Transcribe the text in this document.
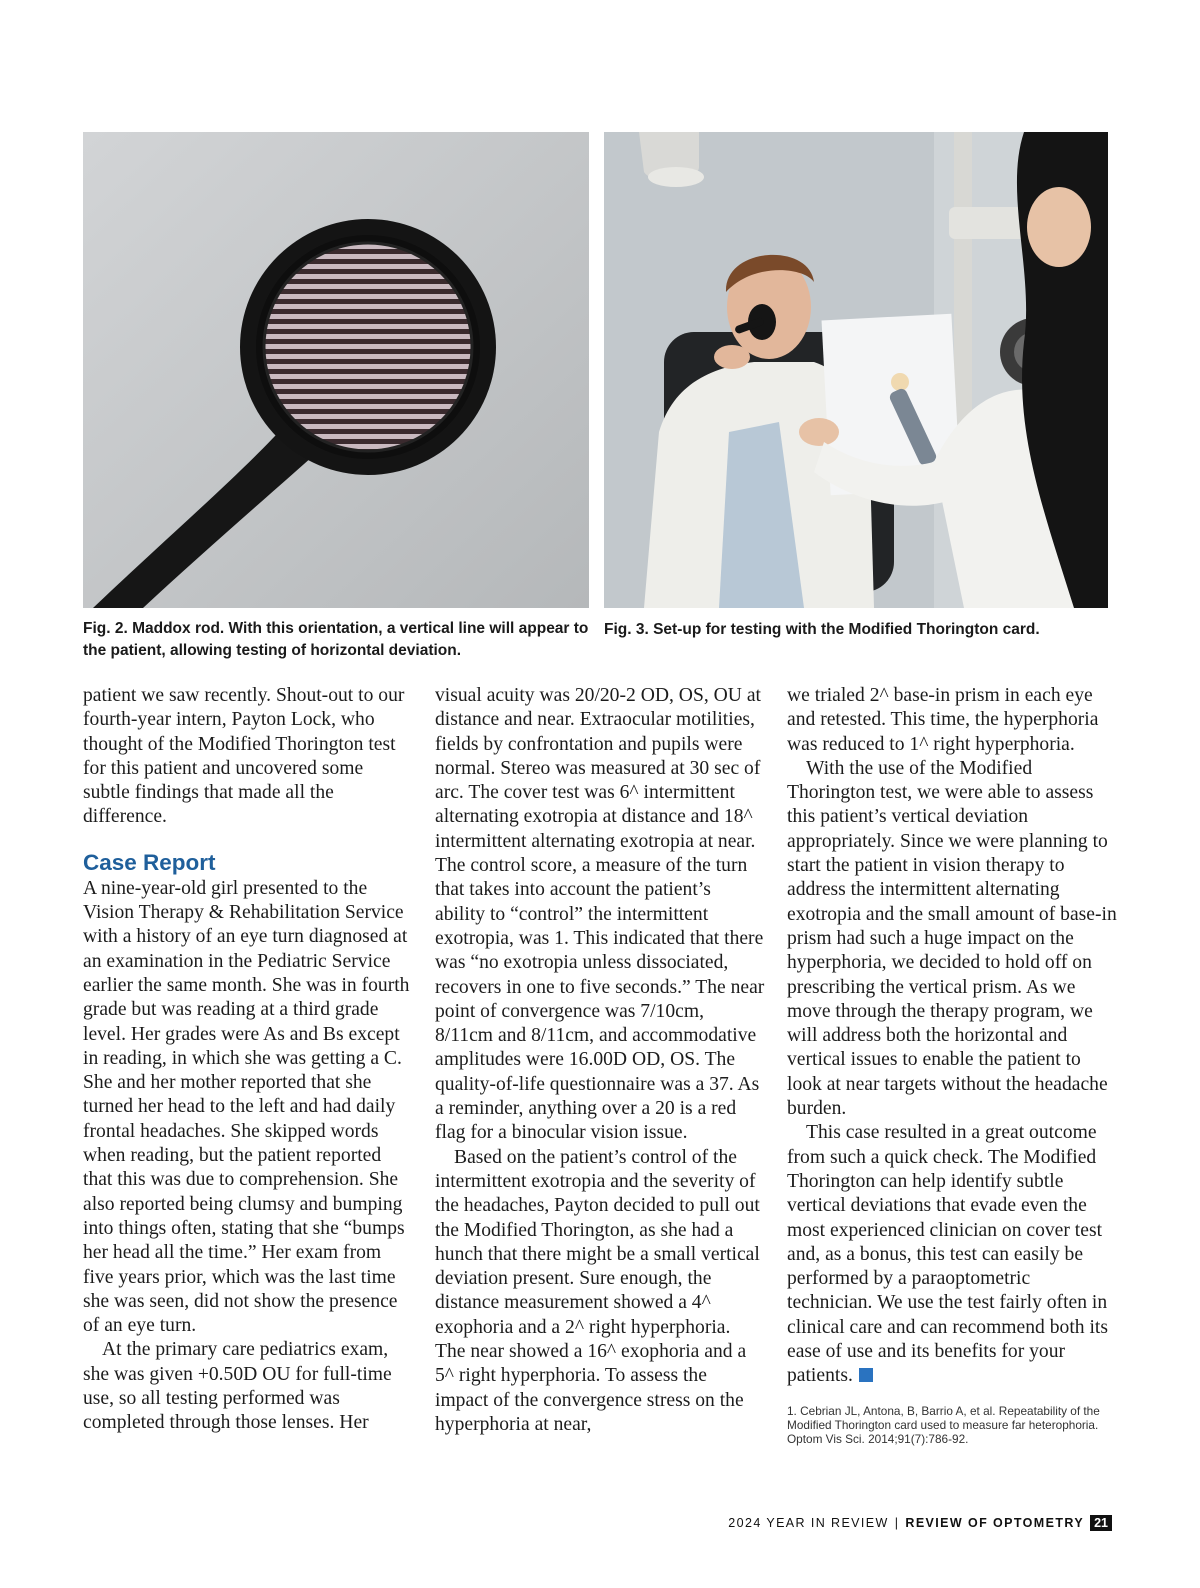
Fig. 2. Maddox rod. With this orientation, a vertical line will appear to the patient, allowing testing of horizontal deviation.

Fig. 3. Set-up for testing with the Modified Thorington card.

patient we saw recently. Shout-out to our fourth-year intern, Payton Lock, who thought of the Modified Thorington test for this patient and uncovered some subtle findings that made all the difference.

Case Report

A nine-year-old girl presented to the Vision Therapy & Rehabilitation Service with a history of an eye turn diagnosed at an examination in the Pediatric Service earlier the same month. She was in fourth grade but was reading at a third grade level. Her grades were As and Bs except in reading, in which she was getting a C. She and her mother reported that she turned her head to the left and had daily frontal headaches. She skipped words when reading, but the patient reported that this was due to comprehension. She also reported being clumsy and bumping into things often, stating that she “bumps her head all the time.” Her exam from five years prior, which was the last time she was seen, did not show the presence of an eye turn.

At the primary care pediatrics exam, she was given +0.50D OU for full-time use, so all testing performed was completed through those lenses. Her

visual acuity was 20/20-2 OD, OS, OU at distance and near. Extraocular motilities, fields by confrontation and pupils were normal. Stereo was measured at 30 sec of arc. The cover test was 6^ intermittent alternating exotropia at distance and 18^ intermittent alternating exotropia at near. The control score, a measure of the turn that takes into account the patient’s ability to “control” the intermittent exotropia, was 1. This indicated that there was “no exotropia unless dissociated, recovers in one to five seconds.” The near point of convergence was 7/10cm, 8/11cm and 8/11cm, and accommodative amplitudes were 16.00D OD, OS. The quality-of-life questionnaire was a 37. As a reminder, anything over a 20 is a red flag for a binocular vision issue.

Based on the patient’s control of the intermittent exotropia and the severity of the headaches, Payton decided to pull out the Modified Thorington, as she had a hunch that there might be a small vertical deviation present. Sure enough, the distance measurement showed a 4^ exophoria and a 2^ right hyperphoria. The near showed a 16^ exophoria and a 5^ right hyperphoria. To assess the impact of the convergence stress on the hyperphoria at near,

we trialed 2^ base-in prism in each eye and retested. This time, the hyperphoria was reduced to 1^ right hyperphoria.

With the use of the Modified Thorington test, we were able to assess this patient’s vertical deviation appropriately. Since we were planning to start the patient in vision therapy to address the intermittent alternating exotropia and the small amount of base-in prism had such a huge impact on the hyperphoria, we decided to hold off on prescribing the vertical prism. As we move through the therapy program, we will address both the horizontal and vertical issues to enable the patient to look at near targets without the headache burden.

This case resulted in a great outcome from such a quick check. The Modified Thorington can help identify subtle vertical deviations that evade even the most experienced clinician on cover test and, as a bonus, this test can easily be performed by a paraoptometric technician. We use the test fairly often in clinical care and can recommend both its ease of use and its benefits for your patients.

1. Cebrian JL, Antona, B, Barrio A, et al. Repeatability of the Modified Thorington card used to measure far heterophoria. Optom Vis Sci. 2014;91(7):786-92.

2024 YEAR IN REVIEW | REVIEW OF OPTOMETRY 21
